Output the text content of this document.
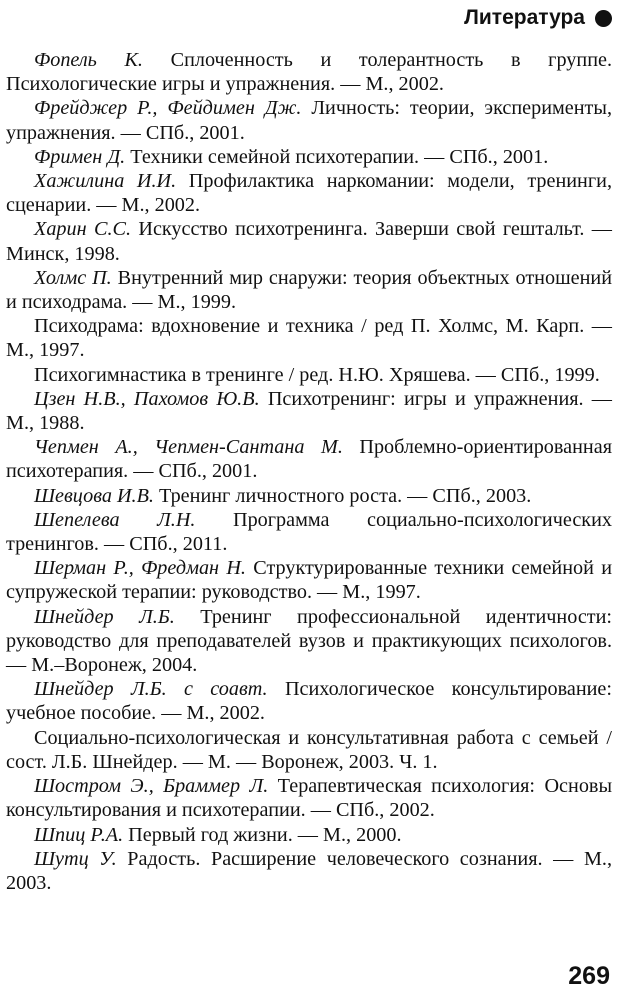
Литература

Фопель К. Сплоченность и толерантность в группе. Психологические игры и упражнения. — М., 2002.

Фрейджер Р., Фейдимен Дж. Личность: теории, эксперименты, упражнения. — СПб., 2001.

Фримен Д. Техники семейной психотерапии. — СПб., 2001.

Хажилина И.И. Профилактика наркомании: модели, тренинги, сценарии. — М., 2002.

Харин С.С. Искусство психотренинга. Заверши свой гештальт. — Минск, 1998.

Холмс П. Внутренний мир снаружи: теория объектных отношений и психодрама. — М., 1999.

Психодрама: вдохновение и техника / ред П. Холмс, М. Карп. — М., 1997.

Психогимнастика в тренинге / ред. Н.Ю. Хряшева. — СПб., 1999.

Цзен Н.В., Пахомов Ю.В. Психотренинг: игры и упражнения. — М., 1988.

Чепмен А., Чепмен-Сантана М. Проблемно-ориентированная психотерапия. — СПб., 2001.

Шевцова И.В. Тренинг личностного роста. — СПб., 2003.

Шепелева Л.Н. Программа социально-психологических тренингов. — СПб., 2011.

Шерман Р., Фредман Н. Структурированные техники семейной и супружеской терапии: руководство. — М., 1997.

Шнейдер Л.Б. Тренинг профессиональной идентичности: руководство для преподавателей вузов и практикующих психологов. — М.–Воронеж, 2004.

Шнейдер Л.Б. с соавт. Психологическое консультирование: учебное пособие. — М., 2002.

Социально-психологическая и консультативная работа с семьей / сост. Л.Б. Шнейдер. — М. — Воронеж, 2003. Ч. 1.

Шостром Э., Браммер Л. Терапевтическая психология: Основы консультирования и психотерапии. — СПб., 2002.

Шпиц Р.А. Первый год жизни. — М., 2000.

Шутц У. Радость. Расширение человеческого сознания. — М., 2003.

269
